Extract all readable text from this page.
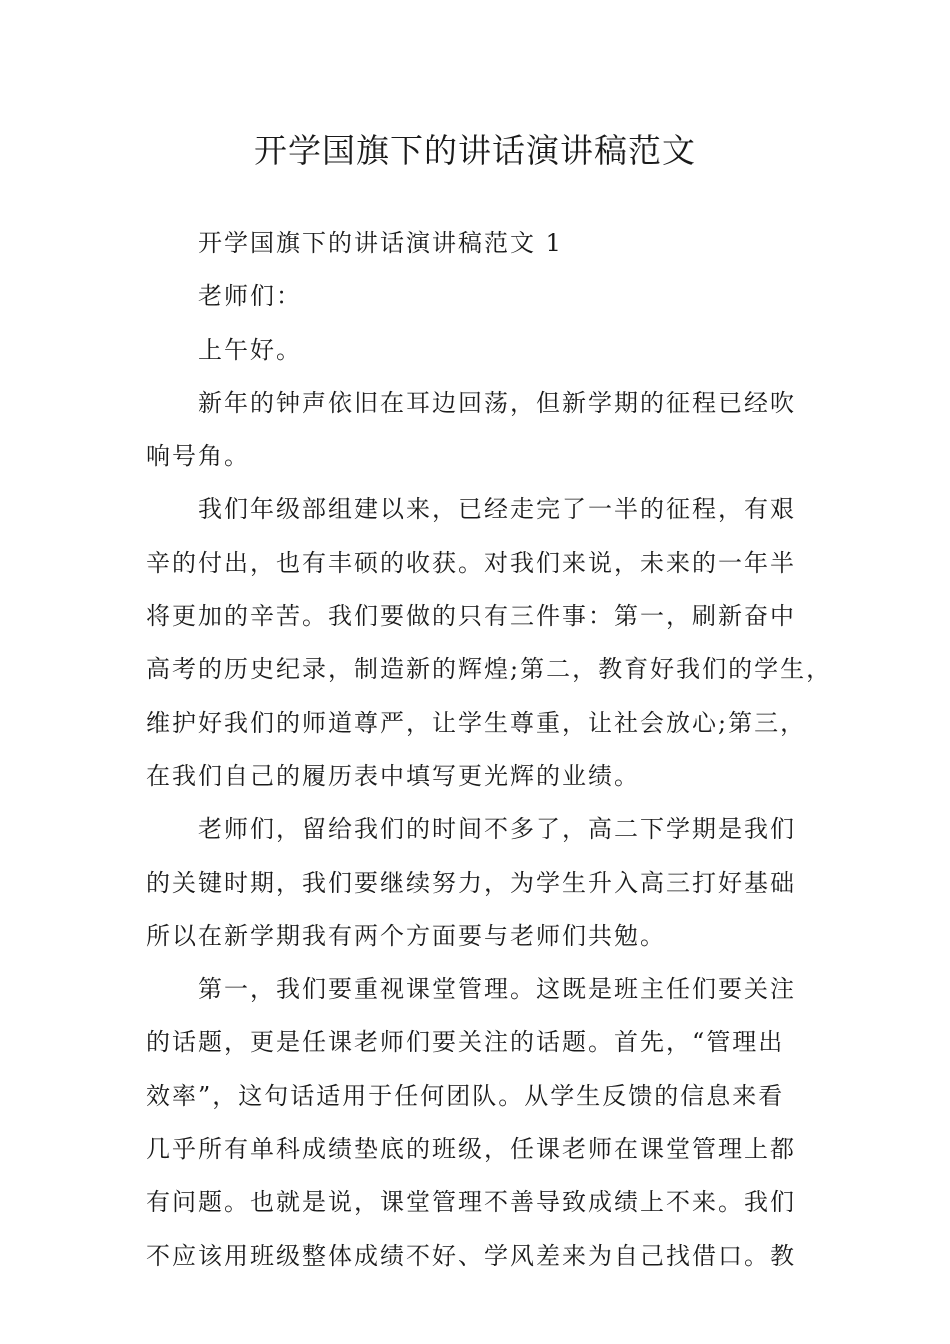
开学国旗下的讲话演讲稿范文
开学国旗下的讲话演讲稿范文 1
老师们：
上午好。
新年的钟声依旧在耳边回荡，但新学期的征程已经吹
响号角。
我们年级部组建以来，已经走完了一半的征程，有艰
辛的付出，也有丰硕的收获。对我们来说，未来的一年半
将更加的辛苦。我们要做的只有三件事：第一，刷新奋中
高考的历史纪录，制造新的辉煌;第二，教育好我们的学生，
维护好我们的师道尊严，让学生尊重，让社会放心;第三，
在我们自己的履历表中填写更光辉的业绩。
老师们，留给我们的时间不多了，高二下学期是我们
的关键时期，我们要继续努力，为学生升入高三打好基础
所以在新学期我有两个方面要与老师们共勉。
第一，我们要重视课堂管理。这既是班主任们要关注
的话题，更是任课老师们要关注的话题。首先，“管理出
效率”，这句话适用于任何团队。从学生反馈的信息来看
几乎所有单科成绩垫底的班级，任课老师在课堂管理上都
有问题。也就是说，课堂管理不善导致成绩上不来。我们
不应该用班级整体成绩不好、学风差来为自己找借口。教
